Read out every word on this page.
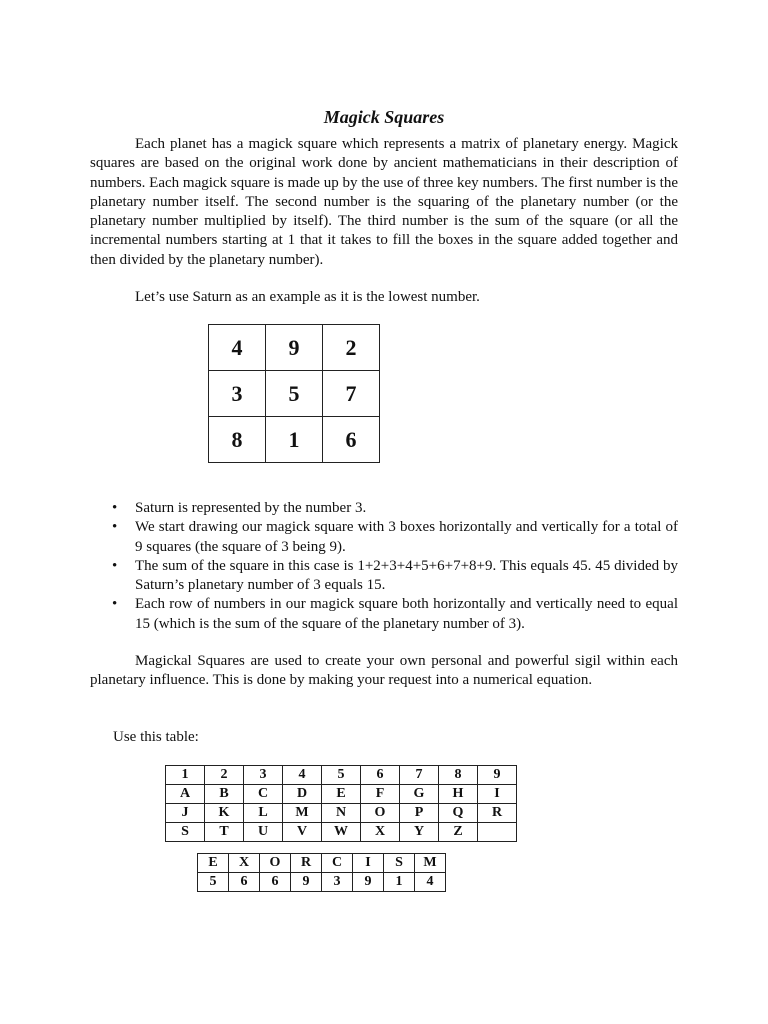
Magick Squares

Each planet has a magick square which represents a matrix of planetary energy. Magick squares are based on the original work done by ancient mathematicians in their description of numbers. Each magick square is made up by the use of three key numbers. The first number is the planetary number itself. The second number is the squaring of the planetary number (or the planetary number multiplied by itself). The third number is the sum of the square (or all the incremental numbers starting at 1 that it takes to fill the boxes in the square added together and then divided by the planetary number).

Let’s use Saturn as an example as it is the lowest number.

4	9	2
3	5	7
8	1	6
• Saturn is represented by the number 3.
• We start drawing our magick square with 3 boxes horizontally and vertically for a total of 9 squares (the square of 3 being 9).
• The sum of the square in this case is 1+2+3+4+5+6+7+8+9. This equals 45. 45 divided by Saturn’s planetary number of 3 equals 15.
• Each row of numbers in our magick square both horizontally and vertically need to equal 15 (which is the sum of the square of the planetary number of 3).

Magickal Squares are used to create your own personal and powerful sigil within each planetary influence. This is done by making your request into a numerical equation.

Use this table:
1	2	3	4	5	6	7	8	9
A	B	C	D	E	F	G	H	I
J	K	L	M	N	O	P	Q	R
S	T	U	V	W	X	Y	Z	
E	X	O	R	C	I	S	M
5	6	6	9	3	9	1	4
